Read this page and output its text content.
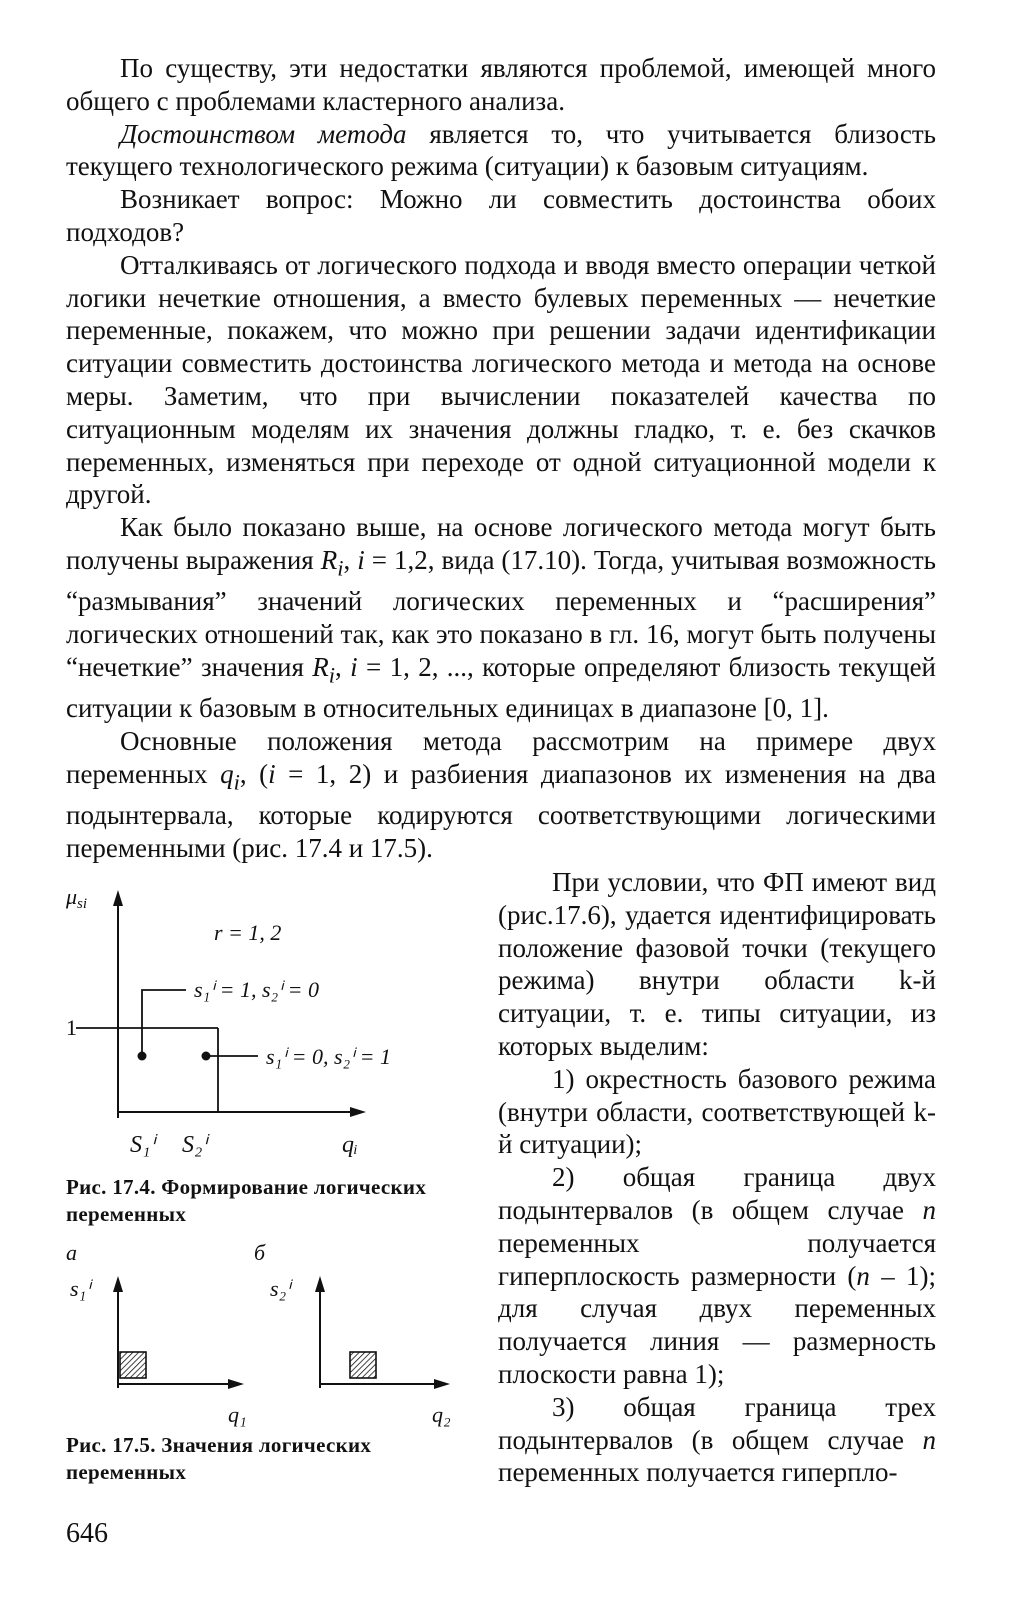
По существу, эти недостатки являются проблемой, имеющей много общего с проблемами кластерного анализа.

Достоинством метода является то, что учитывается близость текущего технологического режима (ситуации) к базовым ситуациям.

Возникает вопрос: Можно ли совместить достоинства обоих подходов?

Отталкиваясь от логического подхода и вводя вместо операции четкой логики нечеткие отношения, а вместо булевых переменных — нечеткие переменные, покажем, что можно при решении задачи идентификации ситуации совместить достоинства логического метода и метода на основе меры. Заметим, что при вычислении показателей качества по ситуационным моделям их значения должны гладко, т. е. без скачков переменных, изменяться при переходе от одной ситуационной модели к другой.

Как было показано выше, на основе логического метода могут быть получены выражения $R_i$, i = 1,2, вида (17.10). Тогда, учитывая возможность “размывания” значений логических переменных и “расширения” логических отношений так, как это показано в гл. 16, могут быть получены “нечеткие” значения $R_i$, i = 1, 2, ..., которые определяют близость текущей ситуации к базовым в относительных единицах в диапазоне [0, 1].

Основные положения метода рассмотрим на примере двух переменных $q_i$, (i = 1, 2) и разбиения диапазонов их изменения на два подынтервала, которые кодируются соответствующими логическими переменными (рис. 17.4 и 17.5).

μsi
r = 1, 2
s₁ⁱ = 1, s₂ⁱ = 0
s₁ⁱ = 0, s₂ⁱ = 1
1
S₁ⁱ S₂ⁱ	qᵢ
Рис. 17.4. Формирование логических
переменных
а
s₁ⁱ
q₁
б
s₂ⁱ
q₂
Рис. 17.5. Значения логических
переменных

При условии, что ФП имеют вид (рис.17.6), удается идентифицировать положение фазовой точки (текущего режима) внутри области k-й ситуации, т. е. типы ситуации, из которых выделим:

1) окрестность базового режима (внутри области, соответствующей k-й ситуации);

2) общая граница двух подынтервалов (в общем случае n переменных получается гиперплоскость размерности (n – 1); для случая двух переменных получается линия — размерность плоскости равна 1);

3) общая граница трех подынтервалов (в общем случае n переменных получается гиперпло-

646
